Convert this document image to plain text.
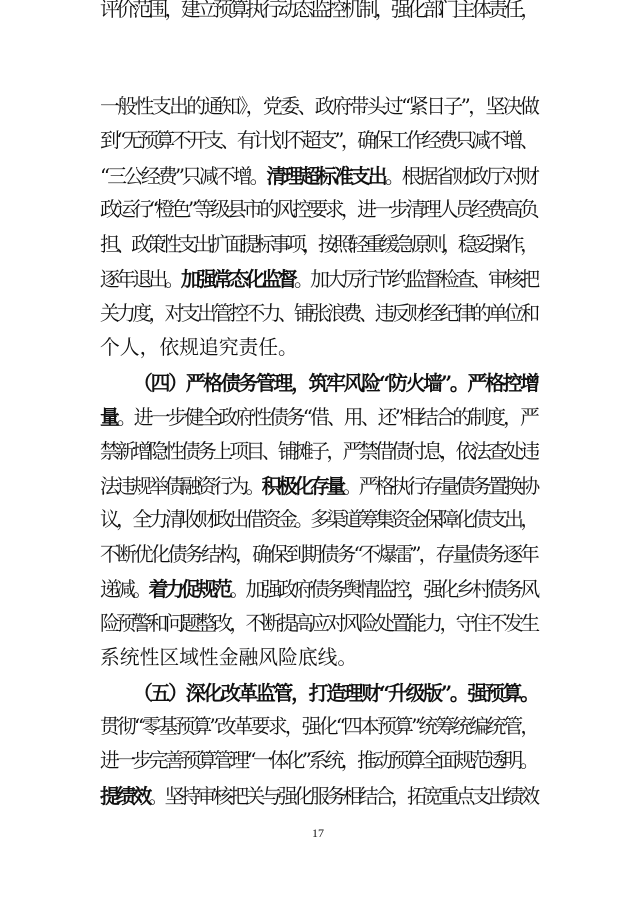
一般性支出的通知》，党委、政府带头过“紧日子”，坚决做
到“无预算不开支、有计划不超支”，确保工作经费只减不增、
“三公经费”只减不增。清理超标准支出。根据省财政厅对财
政运行“橙色”等级县市的风控要求，进一步清理人员经费高负
担、政策性支出扩面提标事项，按照轻重缓急原则，稳妥操作，
逐年退出。加强常态化监督。加大厉行节约监督检查、审核把
关力度，对支出管控不力、铺张浪费、违反财经纪律的单位和
个人，依规追究责任。
（四）严格债务管理，筑牢风险“防火墙”。严格控增
量。进一步健全政府性债务“借、用、还”相结合的制度，严
禁新增隐性债务上项目、铺摊子，严禁借债付息，依法查处违
法违规举债融资行为。积极化存量。严格执行存量债务置换协
议，全力清收财政出借资金。多渠道筹集资金保障化债支出，
不断优化债务结构，确保到期债务“不爆雷”，存量债务逐年
递减。着力促规范。加强政府债务舆情监控，强化乡村债务风
险预警和问题整改，不断提高应对风险处置能力，守住不发生
系统性区域性金融风险底线。
（五）深化改革监管，打造理财“升级版”。强预算。
贯彻“零基预算”改革要求，强化“四本预算”统筹统编统管，
进一步完善预算管理“一体化”系统，推动预算全面规范透明。
提绩效。坚持审核把关与强化服务相结合，拓宽重点支出绩效
评价范围，建立预算执行动态监控机制，强化部门主体责任，
17
